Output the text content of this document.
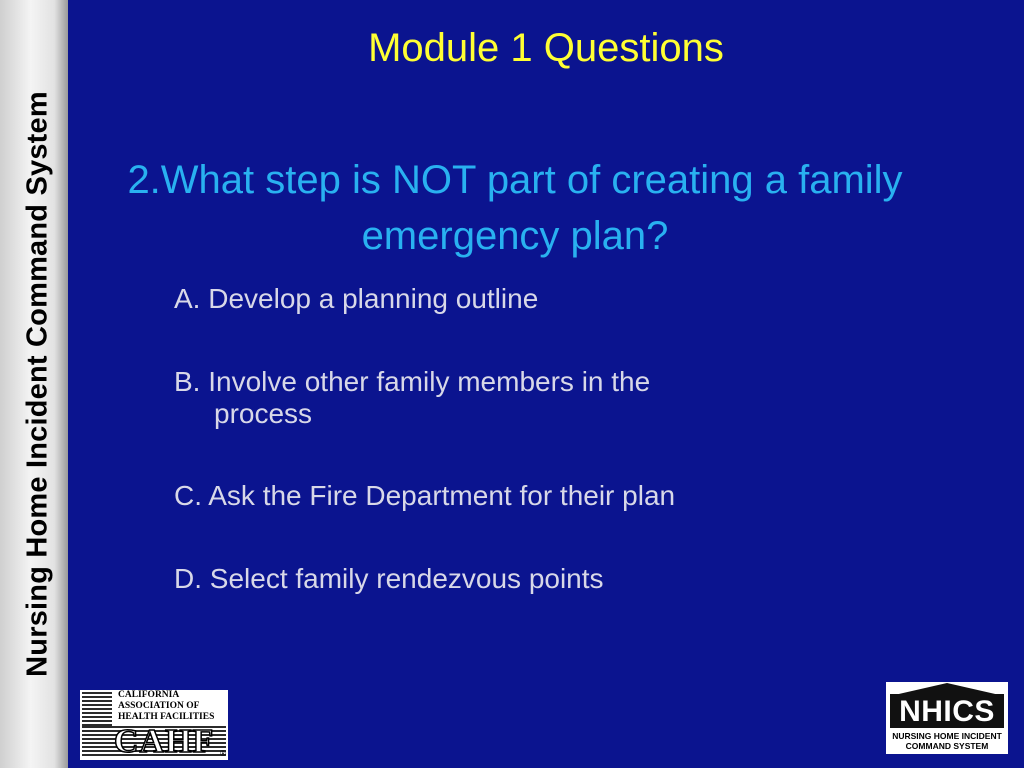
Nursing Home Incident Command System
Module 1 Questions
2.What step is NOT part of creating a family emergency plan?
A. Develop a planning outline
B. Involve other family members in the
process
C. Ask the Fire Department for their plan
D. Select family rendezvous points
CALIFORNIA
ASSOCIATION OF
HEALTH FACILITIES
CAHF ®
NHICS
NURSING HOME INCIDENT
COMMAND SYSTEM
